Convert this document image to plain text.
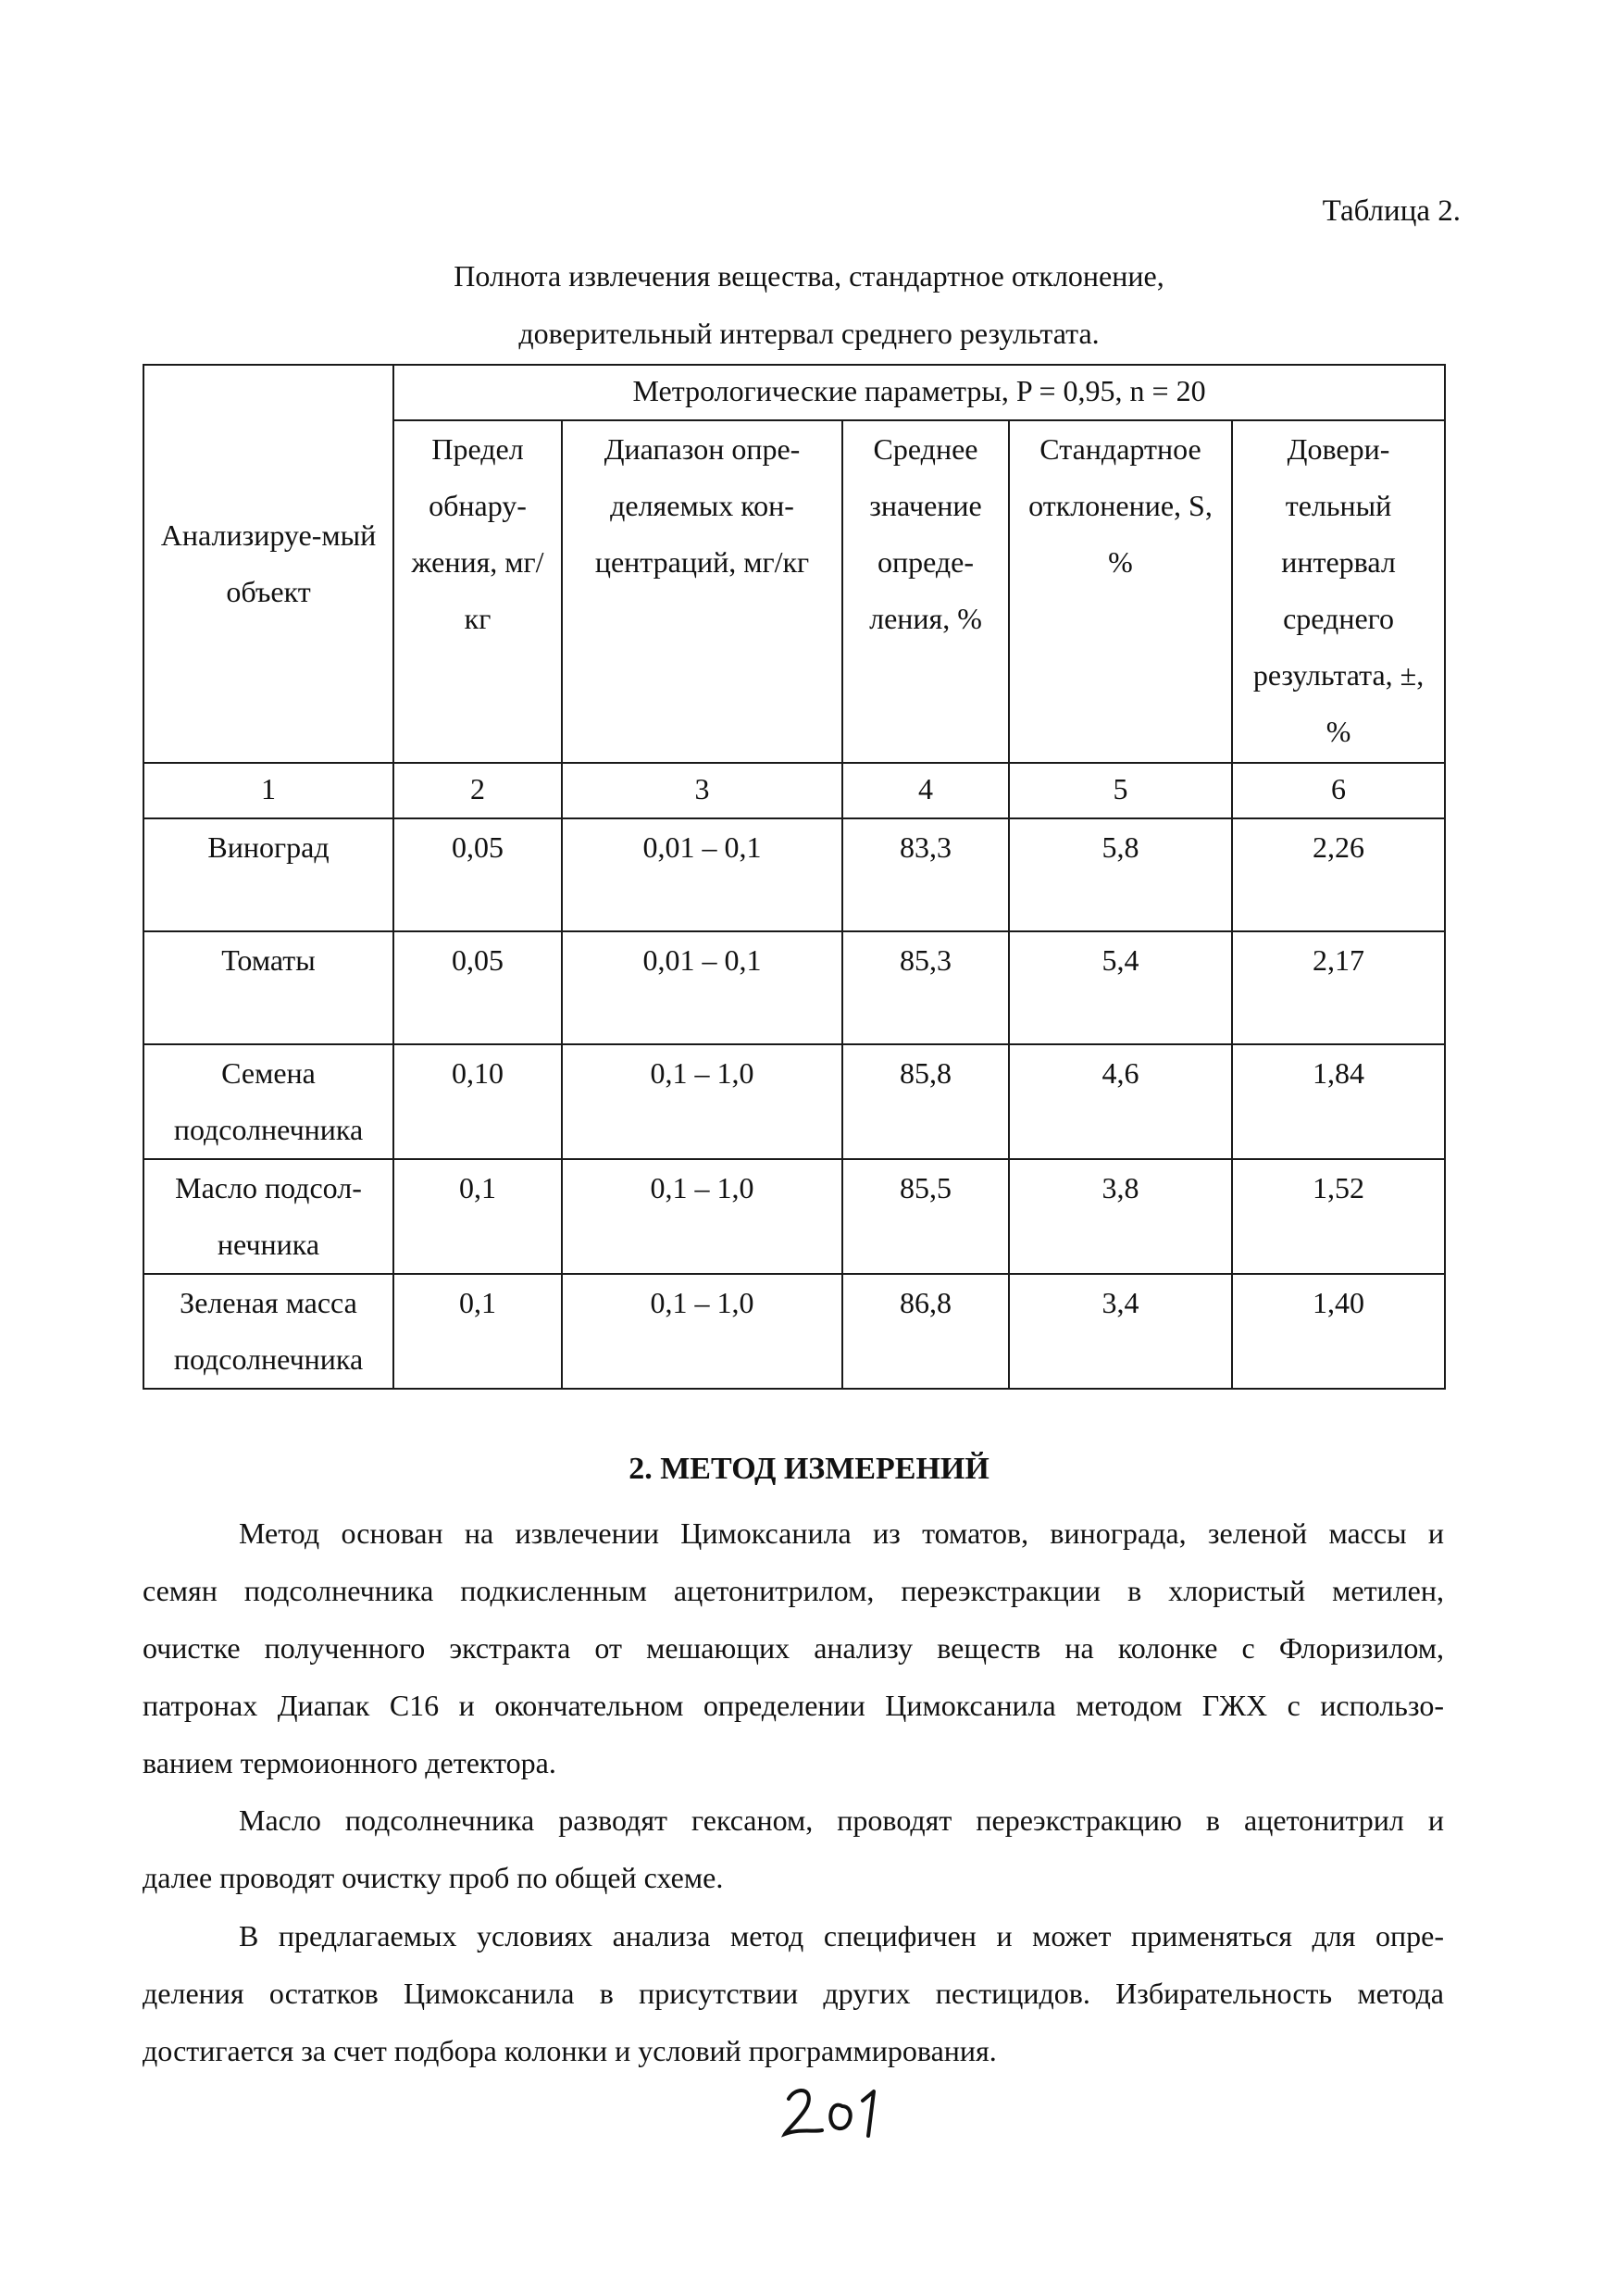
Таблица 2.
Полнота извлечения вещества, стандартное отклонение,
доверительный интервал среднего результата.
Анализируе-мый объект	Метрологические параметры, P = 0,95, n = 20				
	Предел обнару-жения, мг/кг	Диапазон опре-деляемых кон-центраций, мг/кг	Среднее значение опреде-ления, %	Стандартное отклонение, S, %	Довери-тельный интервал среднего результата, ±, %
1	2	3	4	5	6
Виноград	0,05	0,01 – 0,1	83,3	5,8	2,26
Томаты	0,05	0,01 – 0,1	85,3	5,4	2,17
Семена подсолнечника	0,10	0,1 – 1,0	85,8	4,6	1,84
Масло подсол-нечника	0,1	0,1 – 1,0	85,5	3,8	1,52
Зеленая масса подсолнечника	0,1	0,1 – 1,0	86,8	3,4	1,40
2. МЕТОД ИЗМЕРЕНИЙ
Метод основан на извлечении Цимоксанила из томатов, винограда, зеленой массы и
семян подсолнечника подкисленным ацетонитрилом, переэкстракции в хлористый метилен,
очистке полученного экстракта от мешающих анализу веществ на колонке с Флоризилом,
патронах Диапак С16 и окончательном определении Цимоксанила методом ГЖХ с использо-
ванием термоионного детектора.
Масло подсолнечника разводят гексаном, проводят переэкстракцию в ацетонитрил и
далее проводят очистку проб по общей схеме.
В предлагаемых условиях анализа метод специфичен и может применяться для опре-
деления остатков Цимоксанила в присутствии других пестицидов. Избирательность метода
достигается за счет подбора колонки и условий программирования.
